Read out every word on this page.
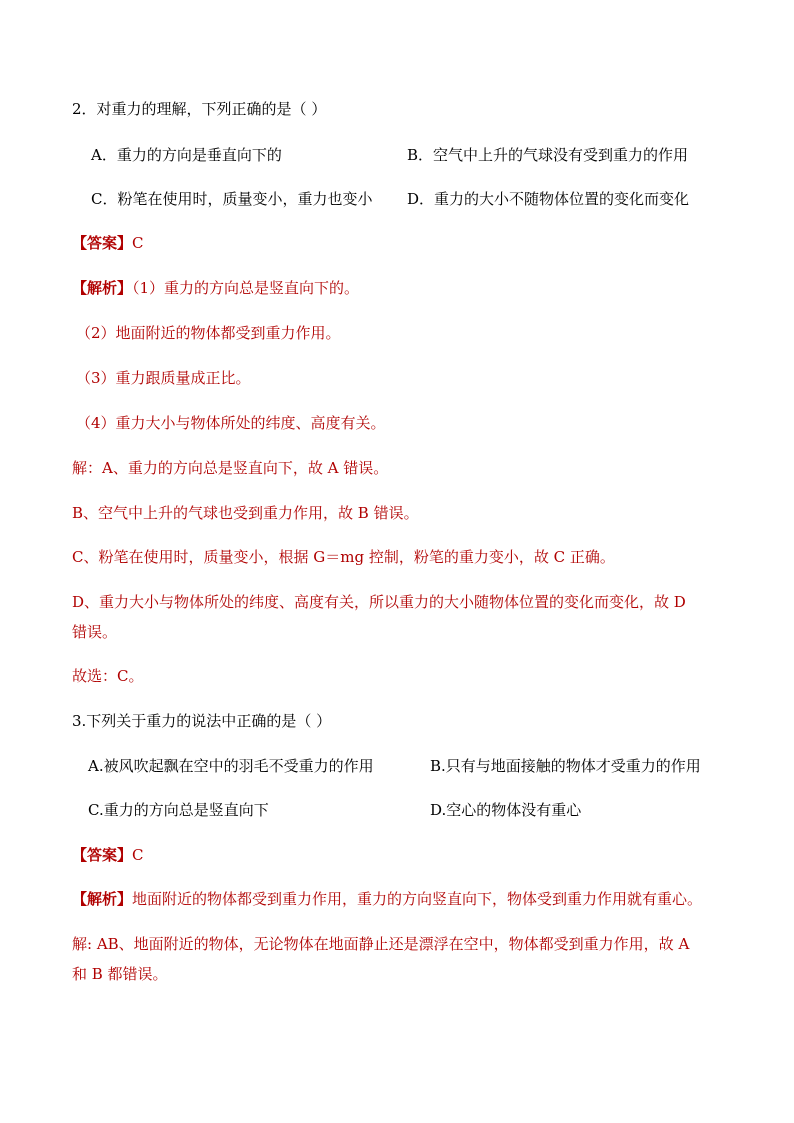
2．对重力的理解，下列正确的是（ ）
A．重力的方向是垂直向下的	B．空气中上升的气球没有受到重力的作用
C．粉笔在使用时，质量变小，重力也变小 D．重力的大小不随物体位置的变化而变化
【答案】C
【解析】（1）重力的方向总是竖直向下的。
（2）地面附近的物体都受到重力作用。
（3）重力跟质量成正比。
（4）重力大小与物体所处的纬度、高度有关。
解：A、重力的方向总是竖直向下，故 A 错误。
B、空气中上升的气球也受到重力作用，故 B 错误。
C、粉笔在使用时，质量变小，根据 G＝mg 控制，粉笔的重力变小，故 C 正确。
D、重力大小与物体所处的纬度、高度有关，所以重力的大小随物体位置的变化而变化，故 D
错误。
故选：C。
3.下列关于重力的说法中正确的是（ ）
A.被风吹起飘在空中的羽毛不受重力的作用	B.只有与地面接触的物体才受重力的作用
C.重力的方向总是竖直向下	D.空心的物体没有重心
【答案】C
【解析】地面附近的物体都受到重力作用，重力的方向竖直向下，物体受到重力作用就有重心。
解: AB、地面附近的物体，无论物体在地面静止还是漂浮在空中，物体都受到重力作用，故 A
和 B 都错误。
